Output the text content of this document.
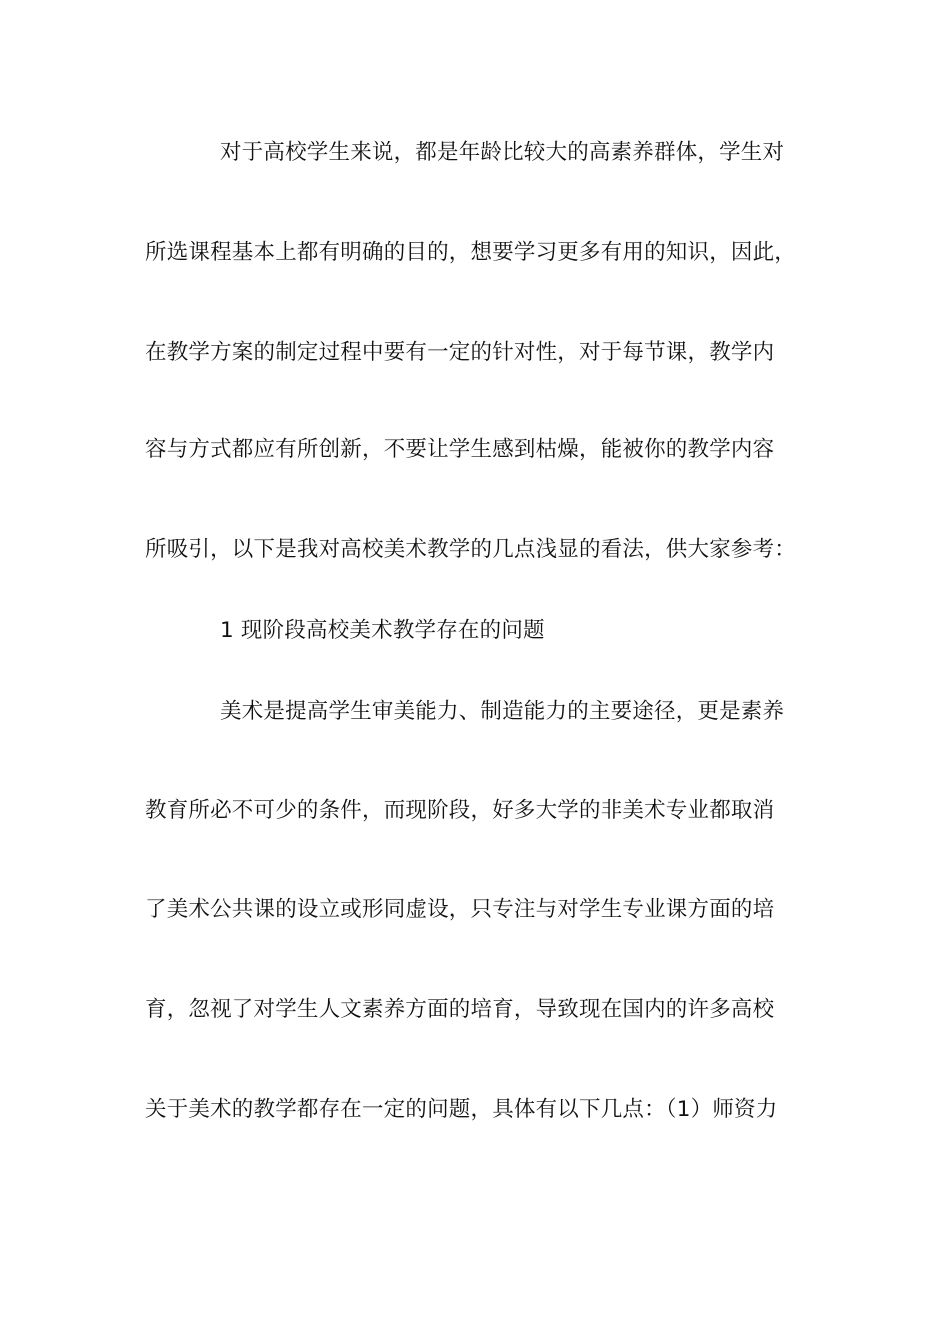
对于高校学生来说，都是年龄比较大的高素养群体，学生对
所选课程基本上都有明确的目的，想要学习更多有用的知识，因此，
在教学方案的制定过程中要有一定的针对性，对于每节课，教学内
容与方式都应有所创新，不要让学生感到枯燥，能被你的教学内容
所吸引，以下是我对高校美术教学的几点浅显的看法，供大家参考：
1 现阶段高校美术教学存在的问题
美术是提高学生审美能力、制造能力的主要途径，更是素养
教育所必不可少的条件，而现阶段，好多大学的非美术专业都取消
了美术公共课的设立或形同虚设，只专注与对学生专业课方面的培
育，忽视了对学生人文素养方面的培育，导致现在国内的许多高校
关于美术的教学都存在一定的问题，具体有以下几点：（1）师资力
